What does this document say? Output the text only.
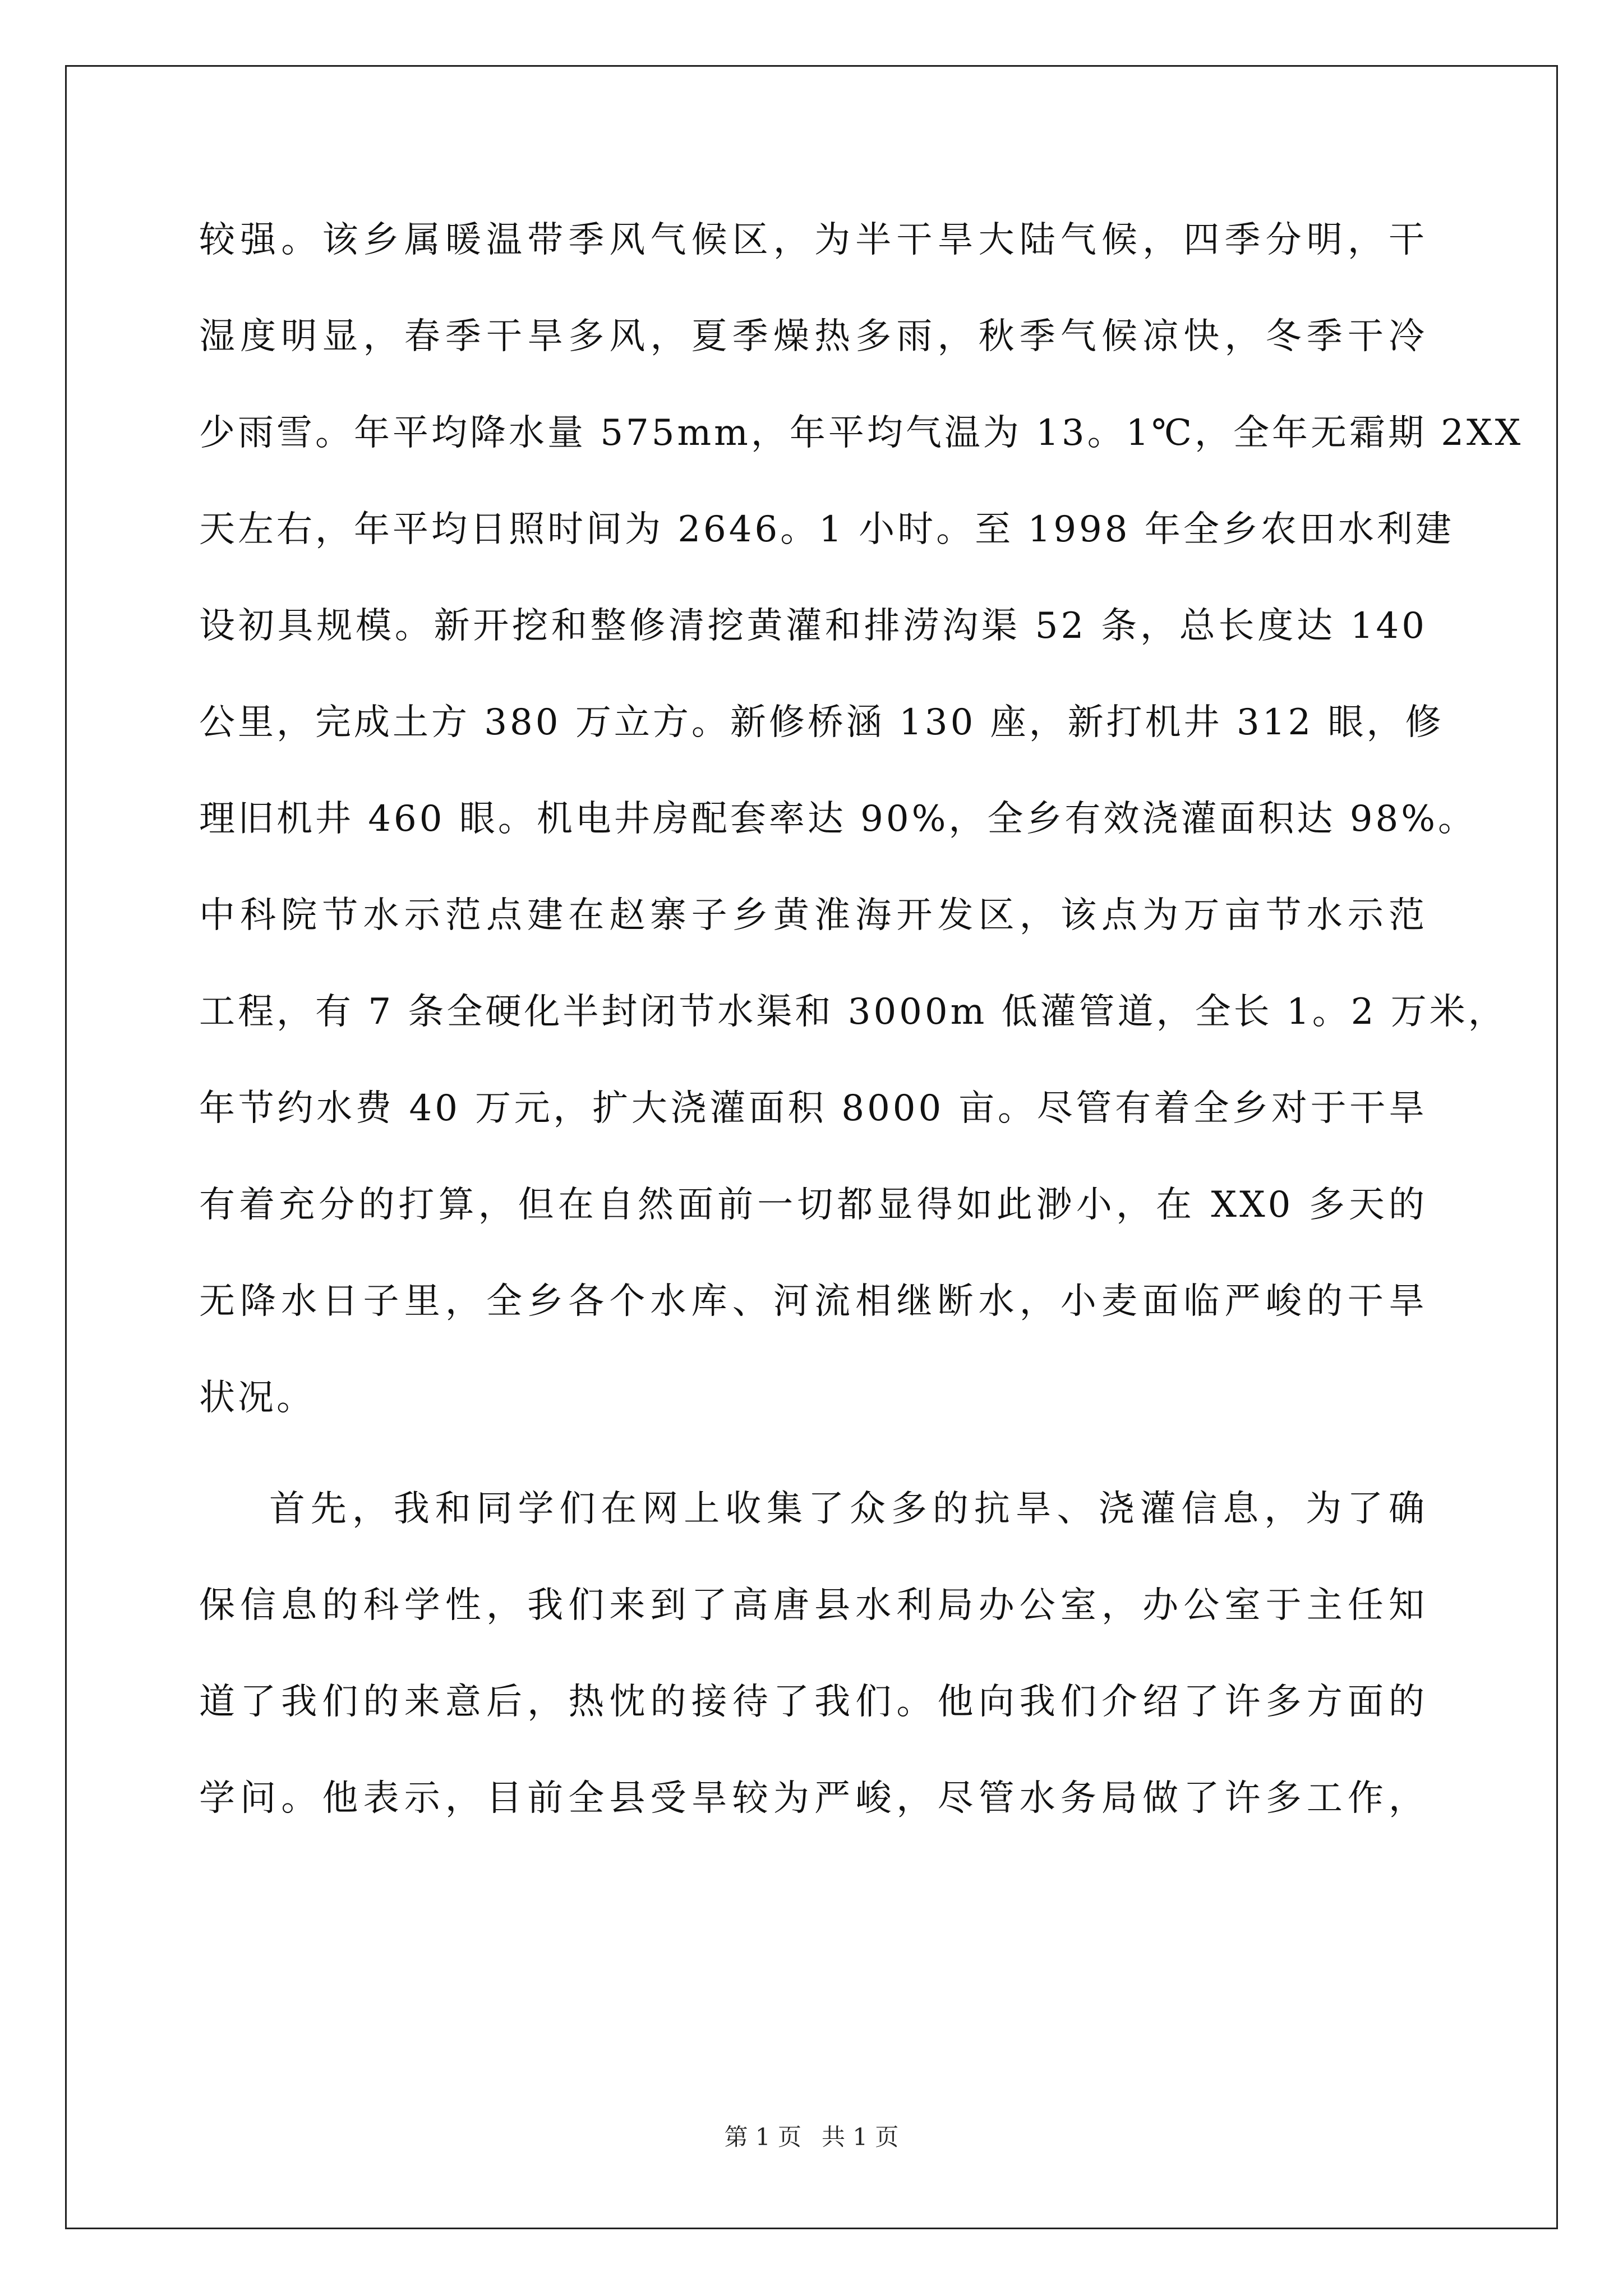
较强。该乡属暖温带季风气候区，为半干旱大陆气候，四季分明，干
湿度明显，春季干旱多风，夏季燥热多雨，秋季气候凉快，冬季干冷
少雨雪。年平均降水量 575mm，年平均气温为 13。1℃，全年无霜期 2XX
天左右，年平均日照时间为 2646。1 小时。至 1998 年全乡农田水利建
设初具规模。新开挖和整修清挖黄灌和排涝沟渠 52 条，总长度达 140
公里，完成土方 380 万立方。新修桥涵 130 座，新打机井 312 眼，修
理旧机井 460 眼。机电井房配套率达 90%，全乡有效浇灌面积达 98%。
中科院节水示范点建在赵寨子乡黄淮海开发区，该点为万亩节水示范
工程，有 7 条全硬化半封闭节水渠和 3000m 低灌管道，全长 1。2 万米，
年节约水费 40 万元，扩大浇灌面积 8000 亩。尽管有着全乡对于干旱
有着充分的打算，但在自然面前一切都显得如此渺小，在 XX0 多天的
无降水日子里，全乡各个水库、河流相继断水，小麦面临严峻的干旱
状况。
首先，我和同学们在网上收集了众多的抗旱、浇灌信息，为了确
保信息的科学性，我们来到了高唐县水利局办公室，办公室于主任知
道了我们的来意后，热忱的接待了我们。他向我们介绍了许多方面的
学问。他表示，目前全县受旱较为严峻，尽管水务局做了许多工作，
第 1 页 共 1 页
